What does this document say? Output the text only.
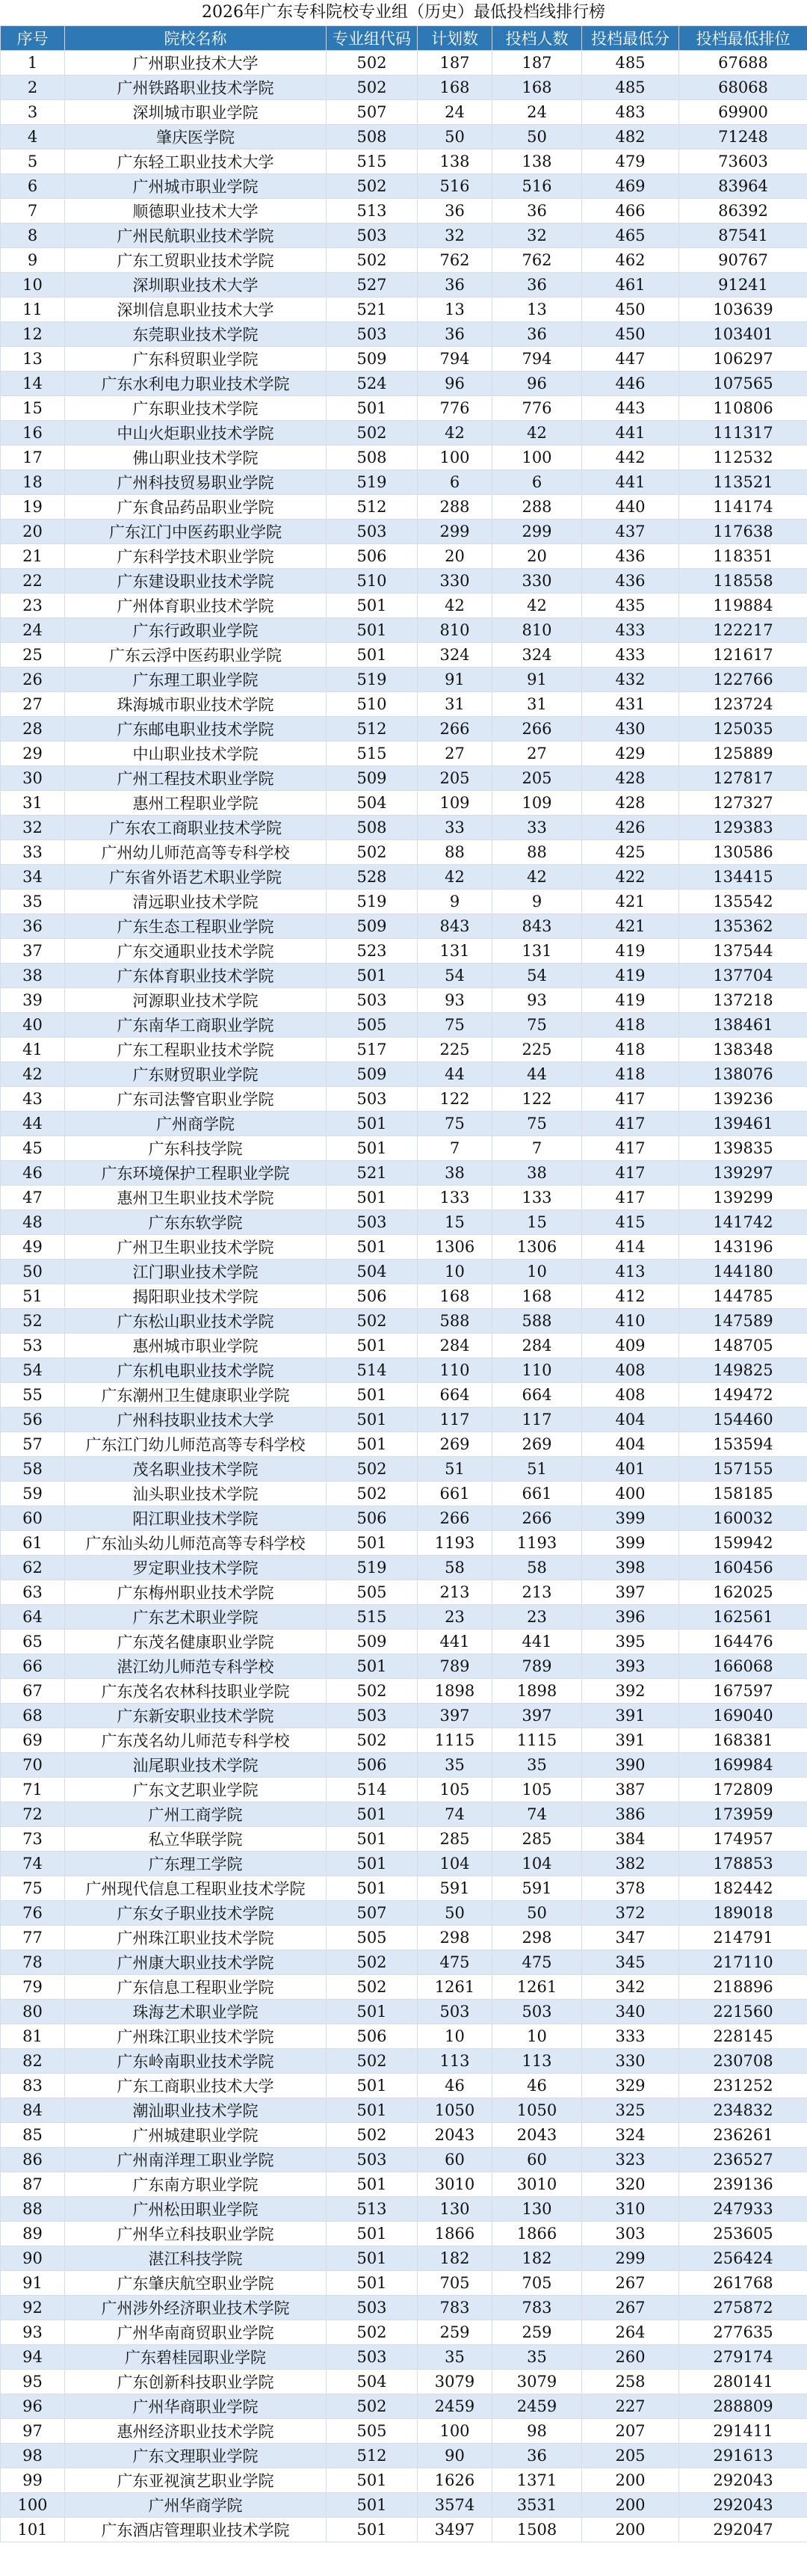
2026年广东专科院校专业组（历史）最低投档线排行榜
序号	院校名称	专业组代码	计划数	投档人数	投档最低分	投档最低排位
1	广州职业技术大学	502	187	187	485	67688
2	广州铁路职业技术学院	502	168	168	485	68068
3	深圳城市职业学院	507	24	24	483	69900
4	肇庆医学院	508	50	50	482	71248
5	广东轻工职业技术大学	515	138	138	479	73603
6	广州城市职业学院	502	516	516	469	83964
7	顺德职业技术大学	513	36	36	466	86392
8	广州民航职业技术学院	503	32	32	465	87541
9	广东工贸职业技术学院	502	762	762	462	90767
10	深圳职业技术大学	527	36	36	461	91241
11	深圳信息职业技术大学	521	13	13	450	103639
12	东莞职业技术学院	503	36	36	450	103401
13	广东科贸职业学院	509	794	794	447	106297
14	广东水利电力职业技术学院	524	96	96	446	107565
15	广东职业技术学院	501	776	776	443	110806
16	中山火炬职业技术学院	502	42	42	441	111317
17	佛山职业技术学院	508	100	100	442	112532
18	广州科技贸易职业学院	519	6	6	441	113521
19	广东食品药品职业学院	512	288	288	440	114174
20	广东江门中医药职业学院	503	299	299	437	117638
21	广东科学技术职业学院	506	20	20	436	118351
22	广东建设职业技术学院	510	330	330	436	118558
23	广州体育职业技术学院	501	42	42	435	119884
24	广东行政职业学院	501	810	810	433	122217
25	广东云浮中医药职业学院	501	324	324	433	121617
26	广东理工职业学院	519	91	91	432	122766
27	珠海城市职业技术学院	510	31	31	431	123724
28	广东邮电职业技术学院	512	266	266	430	125035
29	中山职业技术学院	515	27	27	429	125889
30	广州工程技术职业学院	509	205	205	428	127817
31	惠州工程职业学院	504	109	109	428	127327
32	广东农工商职业技术学院	508	33	33	426	129383
33	广州幼儿师范高等专科学校	502	88	88	425	130586
34	广东省外语艺术职业学院	528	42	42	422	134415
35	清远职业技术学院	519	9	9	421	135542
36	广东生态工程职业学院	509	843	843	421	135362
37	广东交通职业技术学院	523	131	131	419	137544
38	广东体育职业技术学院	501	54	54	419	137704
39	河源职业技术学院	503	93	93	419	137218
40	广东南华工商职业学院	505	75	75	418	138461
41	广东工程职业技术学院	517	225	225	418	138348
42	广东财贸职业学院	509	44	44	418	138076
43	广东司法警官职业学院	503	122	122	417	139236
44	广州商学院	501	75	75	417	139461
45	广东科技学院	501	7	7	417	139835
46	广东环境保护工程职业学院	521	38	38	417	139297
47	惠州卫生职业技术学院	501	133	133	417	139299
48	广东东软学院	503	15	15	415	141742
49	广州卫生职业技术学院	501	1306	1306	414	143196
50	江门职业技术学院	504	10	10	413	144180
51	揭阳职业技术学院	506	168	168	412	144785
52	广东松山职业技术学院	502	588	588	410	147589
53	惠州城市职业学院	501	284	284	409	148705
54	广东机电职业技术学院	514	110	110	408	149825
55	广东潮州卫生健康职业学院	501	664	664	408	149472
56	广州科技职业技术大学	501	117	117	404	154460
57	广东江门幼儿师范高等专科学校	501	269	269	404	153594
58	茂名职业技术学院	502	51	51	401	157155
59	汕头职业技术学院	502	661	661	400	158185
60	阳江职业技术学院	506	266	266	399	160032
61	广东汕头幼儿师范高等专科学校	501	1193	1193	399	159942
62	罗定职业技术学院	519	58	58	398	160456
63	广东梅州职业技术学院	505	213	213	397	162025
64	广东艺术职业学院	515	23	23	396	162561
65	广东茂名健康职业学院	509	441	441	395	164476
66	湛江幼儿师范专科学校	501	789	789	393	166068
67	广东茂名农林科技职业学院	502	1898	1898	392	167597
68	广东新安职业技术学院	503	397	397	391	169040
69	广东茂名幼儿师范专科学校	502	1115	1115	391	168381
70	汕尾职业技术学院	506	35	35	390	169984
71	广东文艺职业学院	514	105	105	387	172809
72	广州工商学院	501	74	74	386	173959
73	私立华联学院	501	285	285	384	174957
74	广东理工学院	501	104	104	382	178853
75	广州现代信息工程职业技术学院	501	591	591	378	182442
76	广东女子职业技术学院	507	50	50	372	189018
77	广州珠江职业技术学院	505	298	298	347	214791
78	广州康大职业技术学院	502	475	475	345	217110
79	广东信息工程职业学院	502	1261	1261	342	218896
80	珠海艺术职业学院	501	503	503	340	221560
81	广州珠江职业技术学院	506	10	10	333	228145
82	广东岭南职业技术学院	502	113	113	330	230708
83	广东工商职业技术大学	501	46	46	329	231252
84	潮汕职业技术学院	501	1050	1050	325	234832
85	广州城建职业学院	502	2043	2043	324	236261
86	广州南洋理工职业学院	503	60	60	323	236527
87	广东南方职业学院	501	3010	3010	320	239136
88	广州松田职业学院	513	130	130	310	247933
89	广州华立科技职业学院	501	1866	1866	303	253605
90	湛江科技学院	501	182	182	299	256424
91	广东肇庆航空职业学院	501	705	705	267	261768
92	广州涉外经济职业技术学院	503	783	783	267	275872
93	广州华南商贸职业学院	502	259	259	264	277635
94	广东碧桂园职业学院	503	35	35	260	279174
95	广东创新科技职业学院	504	3079	3079	258	280141
96	广州华商职业学院	502	2459	2459	227	288809
97	惠州经济职业技术学院	505	100	98	207	291411
98	广东文理职业学院	512	90	36	205	291613
99	广东亚视演艺职业学院	501	1626	1371	200	292043
100	广州华商学院	501	3574	3531	200	292043
101	广东酒店管理职业技术学院	501	3497	1508	200	292047
